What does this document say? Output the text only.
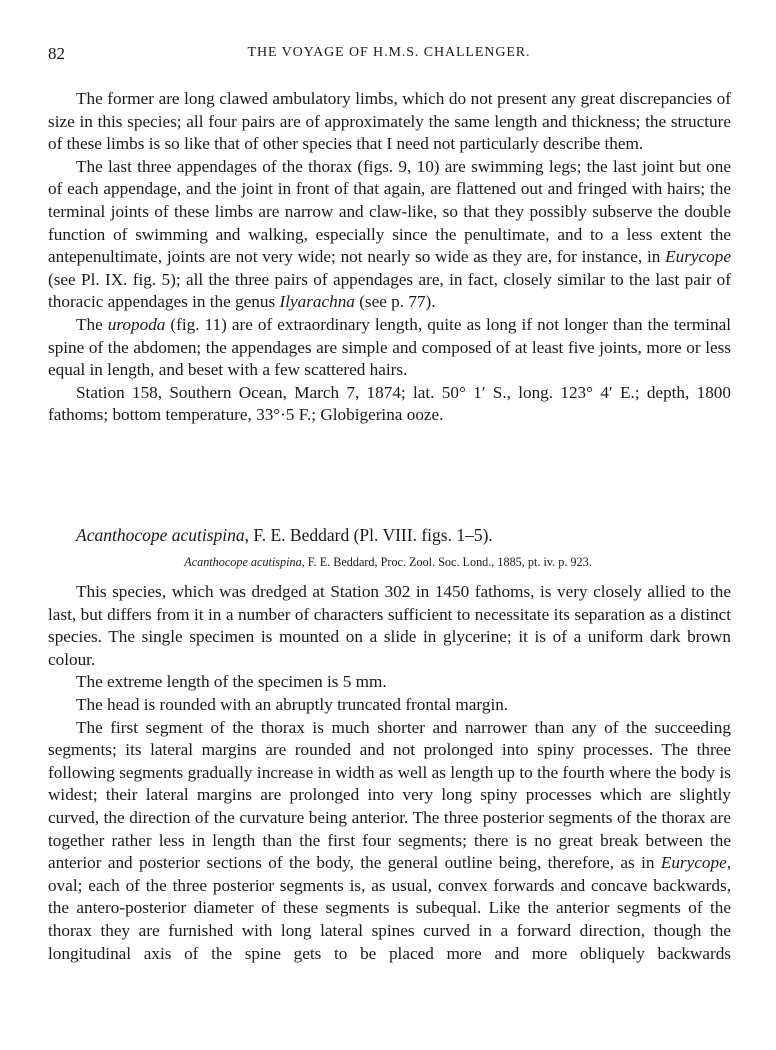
82	THE VOYAGE OF H.M.S. CHALLENGER.

The former are long clawed ambulatory limbs, which do not present any great discrepancies of size in this species; all four pairs are of approximately the same length and thickness; the structure of these limbs is so like that of other species that I need not particularly describe them.

The last three appendages of the thorax (figs. 9, 10) are swimming legs; the last joint but one of each appendage, and the joint in front of that again, are flattened out and fringed with hairs; the terminal joints of these limbs are narrow and claw-like, so that they possibly subserve the double function of swimming and walking, especially since the penultimate, and to a less extent the antepenultimate, joints are not very wide; not nearly so wide as they are, for instance, in Eurycope (see Pl. IX. fig. 5); all the three pairs of appendages are, in fact, closely similar to the last pair of thoracic appendages in the genus Ilyarachna (see p. 77).

The uropoda (fig. 11) are of extraordinary length, quite as long if not longer than the terminal spine of the abdomen; the appendages are simple and composed of at least five joints, more or less equal in length, and beset with a few scattered hairs.

Station 158, Southern Ocean, March 7, 1874; lat. 50° 1′ S., long. 123° 4′ E.; depth, 1800 fathoms; bottom temperature, 33°·5 F.; Globigerina ooze.

Acanthocope acutispina, F. E. Beddard (Pl. VIII. figs. 1–5).
Acanthocope acutispina, F. E. Beddard, Proc. Zool. Soc. Lond., 1885, pt. iv. p. 923.

This species, which was dredged at Station 302 in 1450 fathoms, is very closely allied to the last, but differs from it in a number of characters sufficient to necessitate its separation as a distinct species. The single specimen is mounted on a slide in glycerine; it is of a uniform dark brown colour.

The extreme length of the specimen is 5 mm.

The head is rounded with an abruptly truncated frontal margin.

The first segment of the thorax is much shorter and narrower than any of the succeeding segments; its lateral margins are rounded and not prolonged into spiny processes. The three following segments gradually increase in width as well as length up to the fourth where the body is widest; their lateral margins are prolonged into very long spiny processes which are slightly curved, the direction of the curvature being anterior. The three posterior segments of the thorax are together rather less in length than the first four segments; there is no great break between the anterior and posterior sections of the body, the general outline being, therefore, as in Eurycope, oval; each of the three posterior segments is, as usual, convex forwards and concave backwards, the antero-posterior diameter of these segments is subequal. Like the anterior segments of the thorax they are furnished with long lateral spines curved in a forward direction, though the longitudinal axis of the spine gets to be placed more and more obliquely backwards
